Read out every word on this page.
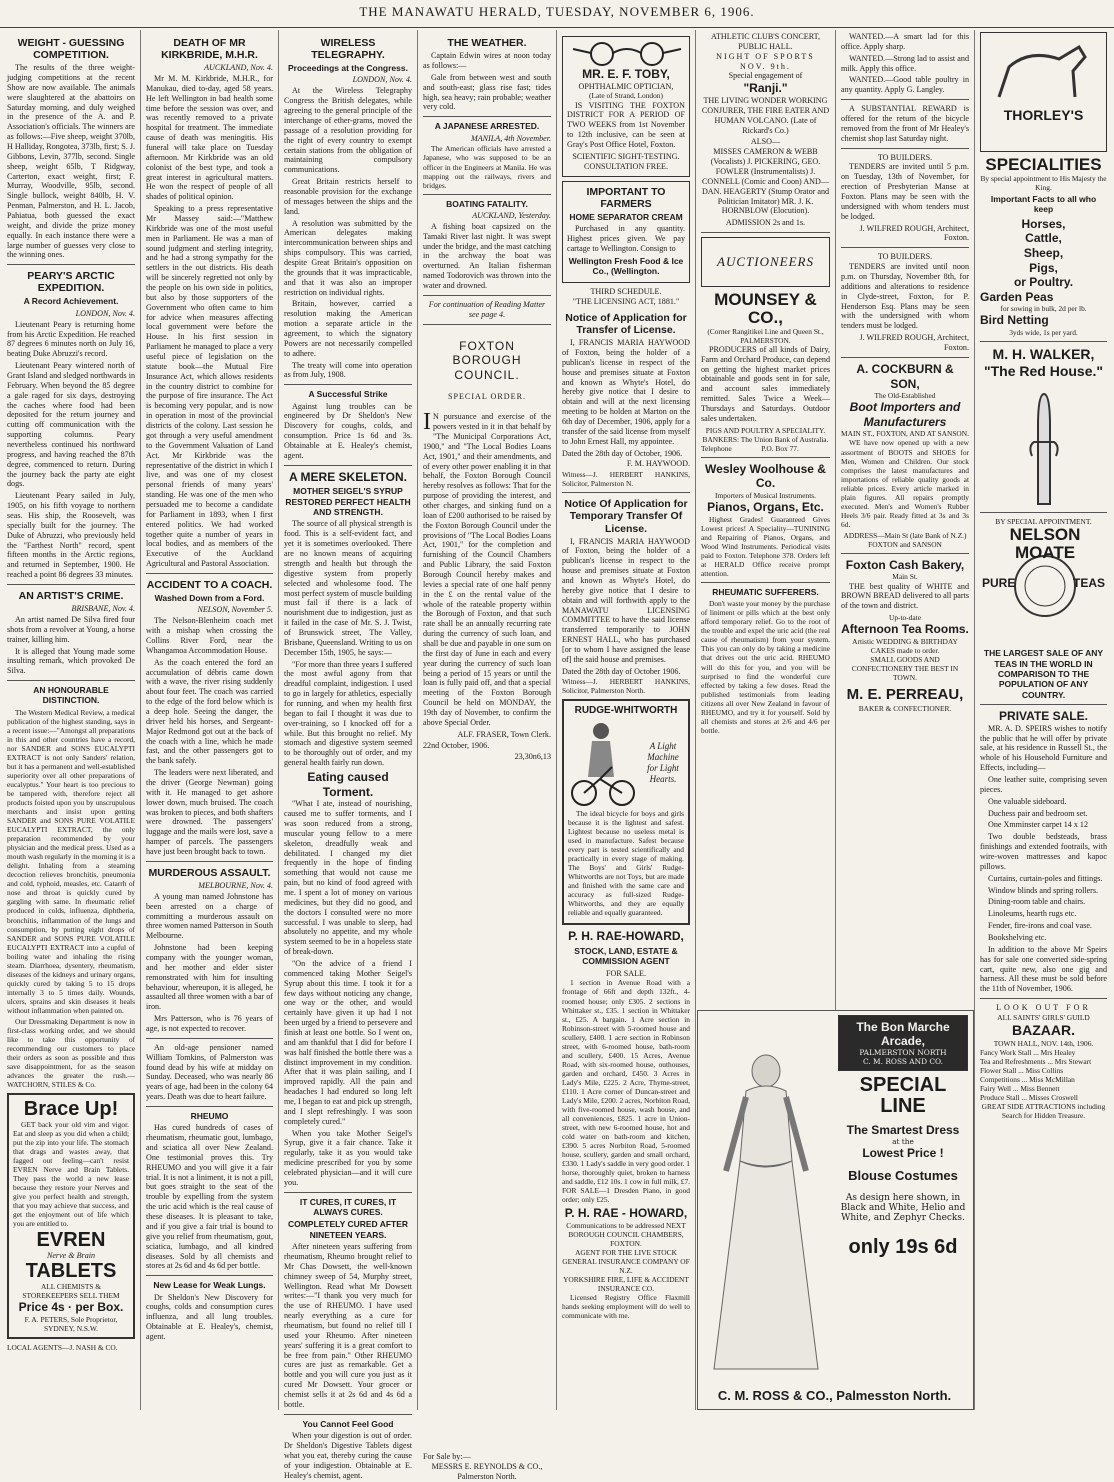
THE MANAWATU HERALD, TUESDAY, NOVEMBER 6, 1906.
WEIGHT - GUESSING COMPETITION.

The results of the three weight-judging competitions at the recent Show are now available. The animals were slaughtered at the abattoirs on Saturday morning, and duly weighed in the presence of the A. and P. Association's officials. The winners are as follows:—Five sheep, weight 370lb, H Halliday, Rongotea, 373lb, first; S. J. Gibbons, Levin, 377lb, second. Single sheep, weight 65lb, T Ridgway, Carterton, exact weight, first; F. Murray, Woodville, 95lb, second. Single bullock, weight 840lb, H. V. Penman, Palmerston, and H. L. Jacob, Pahiatua, both guessed the exact weight, and divide the prize money equally. In each instance there were a large number of guesses very close to the winning ones.

PEARY'S ARCTIC EXPEDITION.
A Record Achievement.
LONDON, Nov. 4.

Lieutenant Peary is returning home from his Arctic Expedition. He reached 87 degrees 6 minutes north on July 16, beating Duke Abruzzi's record.

Lieutenant Peary wintered north of Grant Island and sledged northwards in February. When beyond the 85 degree a gale raged for six days, destroying the caches where food had been deposited for the return journey and cutting off communication with the supporting columns. Peary nevertheless continued his northward progress, and having reached the 87th degree, commenced to return. During the journey back the party ate eight dogs.

Lieutenant Peary sailed in July, 1905, on his fifth voyage to northern seas. His ship, the Roosevelt, was specially built for the journey. The Duke of Abruzzi, who previously held the "Farthest North" record, spent fifteen months in the Arctic regions, and returned in September, 1900. He reached a point 86 degrees 33 minutes.

AN ARTIST'S CRIME.
BRISBANE, Nov. 4.

An artist named De Silva fired four shots from a revolver at Young, a horse trainer, killing him.

It is alleged that Young made some insulting remark, which provoked De Silva.

AN HONOURABLE DISTINCTION.

The Western Medical Review, a medical publication of the highest standing, says in a recent issue:—"Amongst all preparations in this and other countries have a record, nor SANDER and SONS EUCALYPTI EXTRACT is not only Sanders' relation, but it has a permanent and well-established superiority over all other preparations of eucalyptus." Your heart is too precious to be tampered with, therefore reject all products foisted upon you by unscrupulous merchants and insist upon getting SANDER and SONS PURE VOLATILE EUCALYPTI EXTRACT, the only preparation recommended by your physician and the medical press. Used as a mouth wash regularly in the morning it is a delight. Inhaling from a steaming decoction relieves bronchitis, pneumonia and cold, typhoid, measles, etc. Catarrh of nose and throat is quickly cured by gargling with same. In rheumatic relief produced in colds, influenza, diphtheria, bronchitis, inflammation of the lungs and consumption, by putting eight drops of SANDER and SONS PURE VOLATILE EUCALYPTI EXTRACT into a cupful of boiling water and inhaling the rising steam. Diarrhoea, dysentery, rheumatism, diseases of the kidneys and urinary organs, quickly cured by taking 5 to 15 drops internally 3 to 5 times daily. Wounds, ulcers, sprains and skin diseases it heals without inflammation when painted on.

Our Dressmaking Department is now in first-class working order, and we should like to take this opportunity of recommending our customers to place their orders as soon as possible and thus save disappointment, for as the season advances the greater the rush.—WATCHORN, STILES & Co.

Brace Up!

GET back your old vim and vigor. Eat and sleep as you did when a child; put the zip into your life. The stomach that drags and wastes away, that fagged out feeling—can't resist EVREN Nerve and Brain Tablets. They pass the world a new lease because they restore your Nerves and give you perfect health and strength, that you may achieve that success, and get the enjoyment out of life which you are entitled to.

EVREN
Nerve & Brain
TABLETS
ALL CHEMISTS & STOREKEEPERS SELL THEM
Price 4s · per Box.
F. A. PETERS, Sole Proprietor, SYDNEY, N.S.W.
LOCAL AGENTS—J. NASH & CO.
DEATH OF MR KIRKBRIDE, M.H.R.
AUCKLAND, Nov. 4.

Mr M. M. Kirkbride, M.H.R., for Manukau, died to-day, aged 58 years. He left Wellington in bad health some time before the session was over, and was recently removed to a private hospital for treatment. The immediate cause of death was meningitis. His funeral will take place on Tuesday afternoon. Mr Kirkbride was an old colonist of the best type, and took a great interest in agricultural matters. He won the respect of people of all shades of political opinion.

Speaking to a press representative Mr Massey said:—"Matthew Kirkbride was one of the most useful men in Parliament. He was a man of sound judgment and sterling integrity, and he had a strong sympathy for the settlers in the out districts. His death will be sincerely regretted not only by the people on his own side in politics, but also by those supporters of the Government who often came to him for advice when measures affecting local government were before the House. In his first session in Parliament he managed to place a very useful piece of legislation on the statute book—the Mutual Fire Insurance Act, which allows residents in the country district to combine for the purpose of fire insurance. The Act is becoming very popular, and is now in operation in most of the provincial districts of the colony. Last session he got through a very useful amendment to the Government Valuation of Land Act. Mr Kirkbride was the representative of the district in which I live, and was one of my closest personal friends of many years' standing. He was one of the men who persuaded me to become a candidate for Parliament in 1893, when I first entered politics. We had worked together quite a number of years in local bodies, and as members of the Executive of the Auckland Agricultural and Pastoral Association.

ACCIDENT TO A COACH.
Washed Down from a Ford.
NELSON, November 5.

The Nelson-Blenheim coach met with a mishap when crossing the Collins River Ford, near the Whangamoa Accommodation House.

As the coach entered the ford an accumulation of débris came down with a wave, the river rising suddenly about four feet. The coach was carried to the edge of the ford below which is a deep hole. Seeing the danger, the driver held his horses, and Sergeant-Major Redmond got out at the back of the coach with a line, which he made fast, and the other passengers got to the bank safely.

The leaders were next liberated, and the driver (George Newman) going with it. He managed to get ashore lower down, much bruised. The coach was broken to pieces, and both shafters were drowned. The passengers' luggage and the mails were lost, save a hamper of parcels. The passengers have just been brought back to town.

MURDEROUS ASSAULT.
MELBOURNE, Nov. 4.

A young man named Johnstone has been arrested on a charge of committing a murderous assault on three women named Patterson in South Melbourne.

Johnstone had been keeping company with the younger woman, and her mother and elder sister remonstrated with him for insulting behaviour, whereupon, it is alleged, he assaulted all three women with a bar of iron.

Mrs Patterson, who is 76 years of age, is not expected to recover.

An old-age pensioner named William Tomkins, of Palmerston was found dead by his wife at midday on Sunday. Deceased, who was nearly 86 years of age, had been in the colony 64 years. Death was due to heart failure.

RHEUMO

Has cured hundreds of cases of rheumatism, rheumatic gout, lumbago, and sciatica all over New Zealand. One testimonial proves this. Try RHEUMO and you will give it a fair trial. It is not a liniment, it is not a pill, but goes straight to the seat of the trouble by expelling from the system the uric acid which is the real cause of these diseases. It is pleasant to take, and if you give a fair trial is bound to give you relief from rheumatism, gout, sciatica, lumbago, and all kindred diseases. Sold by all chemists and stores at 2s 6d and 4s 6d per bottle.

New Lease for Weak Lungs.

Dr Sheldon's New Discovery for coughs, colds and consumption cures influenza, and all lung troubles. Obtainable at E. Healey's, chemist, agent.

WIRELESS TELEGRAPHY.
Proceedings at the Congress.
LONDON, Nov. 4.

At the Wireless Telegraphy Congress the British delegates, while agreeing to the general principle of the interchange of ether-grams, moved the passage of a resolution providing for the right of every country to exempt certain stations from the obligation of maintaining compulsory communications.

Great Britain restricts herself to reasonable provision for the exchange of messages between the ships and the land.

A resolution was submitted by the American delegates making intercommunication between ships and ships compulsory. This was carried, despite Great Britain's opposition on the grounds that it was impracticable, and that it was also an improper restriction on individual rights.

Britain, however, carried a resolution making the American motion a separate article in the agreement, to which the signatory Powers are not necessarily compelled to adhere.

The treaty will come into operation as from July, 1908.

A Successful Strike

Against lung troubles can be engineered by Dr Sheldon's New Discovery for coughs, colds, and consumption. Price 1s 6d and 3s. Obtainable at E. Healey's chemist, agent.

A MERE SKELETON.
MOTHER SEIGEL'S SYRUP RESTORED PERFECT HEALTH AND STRENGTH.

The source of all physical strength is food. This is a self-evident fact, and yet it is sometimes overlooked. There are no known means of acquiring strength and health but through the digestive system from properly selected and wholesome food. The most perfect system of muscle building must fail if there is a lack of nourishment due to indigestion, just as it failed in the case of Mr. S. J. Twist, of Brunswick street, The Valley, Brisbane, Queensland. Writing to us on December 15th, 1905, he says:—

"For more than three years I suffered the most awful agony from that dreadful complaint, indigestion. I used to go in largely for athletics, especially for running, and when my health first began to fail I thought it was due to over-training, so I knocked off for a while. But this brought no relief. My stomach and digestive system seemed to be thoroughly out of order, and my general health fairly run down.

Eating caused Torment.

"What I ate, instead of nourishing, caused me to suffer torments, and I was soon reduced from a strong, muscular young fellow to a mere skeleton, dreadfully weak and debilitated. I changed my diet frequently in the hope of finding something that would not cause me pain, but no kind of food agreed with me. I spent a lot of money on various medicines, but they did no good, and the doctors I consulted were no more successful. I was unable to sleep, had absolutely no appetite, and my whole system seemed to be in a hopeless state of break-down.

"On the advice of a friend I commenced taking Mother Seigel's Syrup about this time. I took it for a few days without noticing any change, one way or the other, and would certainly have given it up had I not been urged by a friend to persevere and finish at least one bottle. So I went on, and am thankful that I did for before I was half finished the bottle there was a distinct improvement in my condition. After that it was plain sailing, and I improved rapidly. All the pain and headaches I had endured so long left me, I began to eat and pick up strength, and I slept refreshingly. I was soon completely cured."

When you take Mother Seigel's Syrup, give it a fair chance. Take it regularly, take it as you would take medicine prescribed for you by some celebrated physician—and it will cure you.

IT CURES, IT CURES, IT ALWAYS CURES.
COMPLETELY CURED AFTER NINETEEN YEARS.

After nineteen years suffering from rheumatism, Rheumo brought relief to Mr Chas Dowsett, the well-known chimney sweep of 54, Murphy street, Wellington. Read what Mr Dowsett writes:—"I thank you very much for the use of RHEUMO. I have used nearly everything as a cure for rheumatism, but found no relief till I used your Rheumo. After nineteen years' suffering it is a great comfort to be free from pain." Other RHEUMO cures are just as remarkable. Get a bottle and you will cure you just as it cured Mr Dowsett. Your grocer or chemist sells it at 2s 6d and 4s 6d a bottle.

You Cannot Feel Good

When your digestion is out of order. Dr Sheldon's Digestive Tablets digest what you eat, thereby curing the cause of your indigestion. Obtainable at E. Healey's chemist, agent.

THE WEATHER.

Captain Edwin wires at noon today as follows:—

Gale from between west and south and south-east; glass rise fast; tides high, sea heavy; rain probable; weather very cold.

A JAPANESE ARRESTED.
MANILA, 4th November.

The American officials have arrested a Japanese, who was supposed to be an officer in the Engineers at Manila. He was mapping out the railways, rivers and bridges.

BOATING FATALITY.
AUCKLAND, Yesterday.

A fishing boat capsized on the Tamaki River last night. It was swept under the bridge, and the mast catching in the archway the boat was overturned. An Italian fisherman named Todorovich was thrown into the water and drowned.

For continuation of Reading Matter see page 4.
FOXTON BOROUGH COUNCIL.
SPECIAL ORDER.

I N pursuance and exercise of the powers vested in it in that behalf by "The Municipal Corporations Act, 1900," and "The Local Bodies Loans Act, 1901," and their amendments, and of every other power enabling it in that behalf, the Foxton Borough Council hereby resolves as follows: That for the purpose of providing the interest, and other charges, and sinking fund on a loan of £200 authorised to be raised by the Foxton Borough Council under the provisions of "The Local Bodies Loans Act, 1901," for the completion and furnishing of the Council Chambers and Public Library, the said Foxton Borough Council hereby makes and levies a special rate of one half penny in the £ on the rental value of the whole of the rateable property within the Borough of Foxton, and that such rate shall be an annually recurring rate during the currency of such loan, and shall be due and payable in one sum on the first day of June in each and every year during the currency of such loan being a period of 15 years or until the loan is fully paid off, and that a special meeting of the Foxton Borough Council be held on MONDAY, the 19th day of November, to confirm the above Special Order.

ALF. FRASER, Town Clerk.
22nd October, 1906.
23,30n6,13
For Sale by:—
MESSRS E. REYNOLDS & CO., Palmerston North.
MR. E. F. TOBY,
OPHTHALMIC OPTICIAN,
(Late of Strand, London)

IS VISITING THE FOXTON DISTRICT FOR A PERIOD OF TWO WEEKS from 1st November to 12th inclusive, can be seen at Gray's Post Office Hotel, Foxton.

SCIENTIFIC SIGHT-TESTING.
CONSULTATION FREE.
IMPORTANT TO FARMERS
HOME SEPARATOR CREAM

Purchased in any quantity. Highest prices given. We pay cartage to Wellington. Consign to

Wellington Fresh Food & Ice Co., (Wellington.
THIRD SCHEDULE.
"THE LICENSING ACT, 1881."
Notice of Application for Transfer of License.

I, FRANCIS MARIA HAYWOOD of Foxton, being the holder of a publican's license in respect of the house and premises situate at Foxton and known as Whyte's Hotel, do hereby give notice that I desire to obtain and will at the next licensing meeting to be holden at Marton on the 6th day of December, 1906, apply for a transfer of the said license from myself to John Ernest Hall, my appointee.

Dated the 28th day of October, 1906.
F. M. HAYWOOD.
Witness—J. HERBERT HANKINS, Solicitor, Palmerston N.
Notice Of Application for Temporary Transfer Of License.

I, FRANCIS MARIA HAYWOOD of Foxton, being the holder of a publican's license in respect to the house and premises situate at Foxton and known as Whyte's Hotel, do hereby give notice that I desire to obtain and will forthwith apply to the MANAWATU LICENSING COMMITTEE to have the said license transferred temporarily to JOHN ERNEST HALL, who has purchased [or to whom I have assigned the lease of] the said house and premises.

Dated the 28th day of October 1906.
Witness—J. HERBERT HANKINS, Solicitor, Palmerston North.
RUDGE-WHITWORTH
A Light Machine for Light Hearts.

The ideal bicycle for boys and girls because it is the lightest and safest. Lightest because no useless metal is used in manufacture. Safest because every part is tested scientifically and practically in every stage of making. The Boys' and Girls' Rudge-Whitworths are not Toys, but are made and finished with the same care and accuracy as full-sized Rudge-Whitworths, and they are equally reliable and equally guaranteed.

P. H. RAE-HOWARD,
STOCK, LAND, ESTATE & COMMISSION AGENT
FOR SALE.

1 section in Avenue Road with a frontage of 66ft and depth 132ft., 4-roomed house; only £305. 2 sections in Whittaker st., £35. 1 section in Whittaker st., £25. A bargain. 1 Acre section in Robinson-street with 5-roomed house and scullery, £400. 1 acre section in Robinson street, with 6-roomed house, bath-room and scullery, £400. 15 Acres, Avenue Road, with six-roomed house, outhouses, garden and orchard, £450. 3 Acres in Lady's Mile, £225. 2 Acre, Thyme-street, £110. 1 Acre corner of Duncan-street and Lady's Mile, £200. 2 acres, Norbiton Road, with five-roomed house, wash house, and all conveniences, £825. 1 acre in Union-street, with new 6-roomed house, hot and cold water on bath-room and kitchen, £390. 5 acres Norbiton Road, 5-roomed house, scullery, garden and small orchard, £330. 1 Lady's saddle in very good order. 1 horse, thoroughly quiet, broken to harness and saddle, £12 10s. 1 cow in full milk, £7. FOR SALE—1 Dresden Piano, in good order; only £25.

P. H. RAE - HOWARD,
Communications to be addressed NEXT BOROUGH COUNCIL CHAMBERS, FOXTON.
AGENT FOR THE LIVE STOCK GENERAL INSURANCE COMPANY OF N.Z.
YORKSHIRE FIRE, LIFE & ACCIDENT INSURANCE CO.

Licensed Registry Office Flaxmill hands seeking employment will do well to communicate with me.

ATHLETIC CLUB'S CONCERT,
PUBLIC HALL.
NIGHT OF SPORTS NOV. 9th.
Special engagement of
"Ranji."

THE LIVING WONDER WORKING CONJURER, THE FIRE EATER AND HUMAN VOLCANO. (Late of Rickard's Co.)

ALSO—

MISSES CAMERON & WEBB (Vocalists) J. PICKERING, GEO. FOWLER (Instrumentalists) J. CONNELL (Comic and Coon) AND— DAN. HEAGERTY (Stump Orator and Politician Imitator) MR. J. K. HORNBLOW (Elocution).

ADMISSION 2s and 1s.
AUCTIONEERS
MOUNSEY & CO.,
(Corner Rangitikei Line and Queen St., PALMERSTON.

PRODUCERS of all kinds of Dairy, Farm and Orchard Produce, can depend on getting the highest market prices obtainable and goods sent in for sale, and account sales immediately remitted. Sales Twice a Week—Thursdays and Saturdays. Outdoor sales undertaken.

PIGS AND POULTRY A SPECIALITY.
BANKERS: The Union Bank of Australia.
Telephone                P.O. Box 77.
Wesley Woolhouse & Co.
Importers of Musical Instruments.
Pianos, Organs, Etc.

Highest Grades! Guaranteed Gives Lowest prices! A Speciality—TUNINING and Repairing of Pianos, Organs, and Wood Wind Instruments. Periodical visits paid to Foxton. Telephone 378. Orders left at HERALD Office receive prompt attention.

RHEUMATIC SUFFERERS.

Don't waste your money by the purchase of liniment or pills which at the best only afford temporary relief. Go to the root of the trouble and expel the uric acid (the real cause of rheumatism) from your system. This you can only do by taking a medicine that drives out the uric acid. RHEUMO will do this for you, and you will be surprised to find the wonderful cure effected by taking a few doses. Read the published testimonials from leading citizens all over New Zealand in favour of RHEUMO, and try it for yourself. Sold by all chemists and stores at 2/6 and 4/6 per bottle.

WANTED.—A smart lad for this office. Apply sharp.

WANTED.—Strong lad to assist and milk. Apply this office.

WANTED.—Good table poultry in any quantity. Apply G. Langley.

A SUBSTANTIAL REWARD is offered for the return of the bicycle removed from the front of Mr Healey's chemist shop last Saturday night.

TO BUILDERS.

TENDERS are invited until 5 p.m. on Tuesday, 13th of November, for erection of Presbyterian Manse at Foxton. Plans may be seen with the undersigned with whom tenders must be lodged.

J. WILFRED ROUGH, Architect, Foxton.
TO BUILDERS.

TENDERS are invited until noon p.m. on Thursday, November 8th, for additions and alterations to residence in Clyde-street, Foxton, for P. Henderson Esq. Plans may be seen with the undersigned with whom tenders must be lodged.

J. WILFRED ROUGH, Architect, Foxton.
A. COCKBURN & SON,
The Old-Established
Boot Importers and Manufacturers
MAIN ST., FOXTON, AND AT SANSON.

WE have now opened up with a new assortment of BOOTS and SHOES for Men, Women and Children. Our stock comprises the latest manufactures and importations of reliable quality goods at reliable prices. Every article marked in plain figures. All repairs promptly executed. Men's and Women's Rubber Heels 3/6 pair. Ready fitted at 3s and 3s 6d.

ADDRESS—Main St (late Bank of N.Z.) FOXTON and SANSON
Foxton Cash Bakery,
Main St.

THE best quality of WHITE and BROWN BREAD delivered to all parts of the town and district.

Up-to-date
Afternoon Tea Rooms.
Artistic WEDDING & BIRTHDAY CAKES made to order.
SMALL GOODS AND CONFECTIONERY THE BEST IN TOWN.
M. E. PERREAU,
BAKER & CONFECTIONER.
The Bon Marche
Arcade,
PALMERSTON NORTH
C. M. ROSS AND CO.
SPECIAL
LINE
The Smartest Dress
at the
Lowest Price !
Blouse Costumes

As design here shown, in Black and White, Helio and White, and Zephyr Checks.

only 19s 6d
C. M. ROSS & CO., Palmesston North.
THORLEY'S
SPECIALITIES
By special appointment to His Majesty the King.
Important Facts to all who keep
Horses,
Cattle,
Sheep,
Pigs,
or Poultry.
Garden Peas
for sowing in bulk, 2d per lb.
Bird Netting
3yds wide, 1s per yard.
M. H. WALKER,
"The Red House."
BY SPECIAL APPOINTMENT.
NELSON MOATE
PURE	TEAS
THE LARGEST SALE OF ANY TEAS IN THE WORLD IN COMPARISON TO THE POPULATION OF ANY COUNTRY.
PRIVATE SALE.

MR. A. D. SPEIRS wishes to notify the public that he will offer by private sale, at his residence in Russell St., the whole of his Household Furniture and Effects, including—

One leather suite, comprising seven pieces.

One valuable sideboard.

Duchess pair and bedroom set.

One Xmminster carpet 14 x 12

Two double bedsteads, brass finishings and extended footrails, with wire-woven mattresses and kapoc pillows.

Curtains, curtain-poles and fittings.

Window blinds and spring rollers.

Dining-room table and chairs.

Linoleums, hearth rugs etc.

Fender, fire-irons and coal vase.

Bookshelving etc.

In addition to the above Mr Speirs has for sale one converted side-spring cart, quite new, also one gig and harness. All these must be sold before the 11th of November, 1906.

LOOK OUT FOR
ALL SAINTS' GIRLS' GUILD
BAZAAR.
TOWN HALL, NOV. 14th, 1906.
Fancy Work Stall ... Mrs Healey
Tea and Refreshments ... Mrs Stewart
Flower Stall ... Miss Collins
Competitions ... Miss McMillan
Fairy Well ... Miss Bennett
Produce Stall ... Misses Croswell
GREAT SIDE ATTRACTIONS including Search for Hidden Treasure.
